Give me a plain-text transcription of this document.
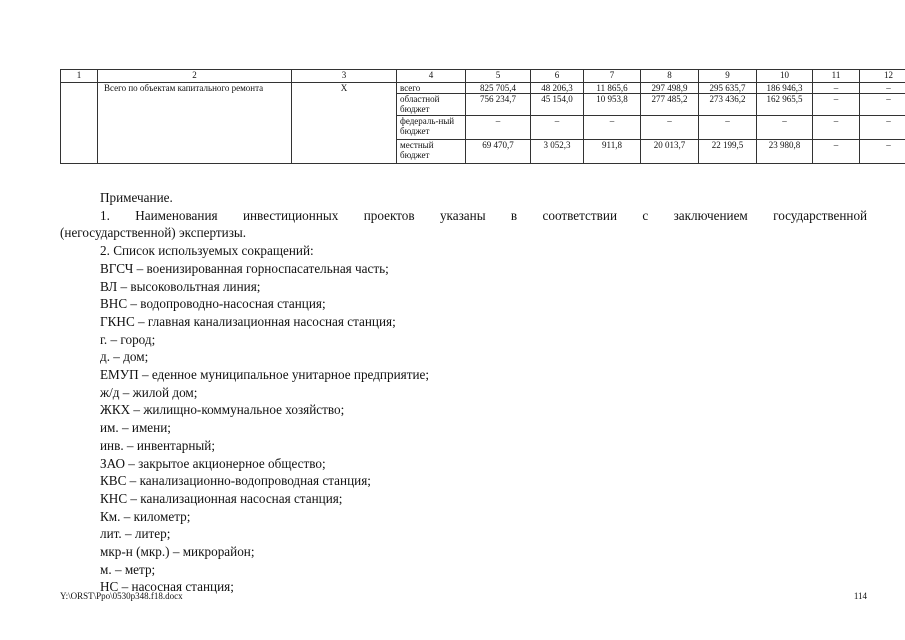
1	2	3	4	5	6	7	8	9	10	11	12
	Всего по объектам капитального ремонта	Х	всего	825 705,4	48 206,3	11 865,6	297 498,9	295 635,7	186 946,3	–	–
			областной бюджет	756 234,7	45 154,0	10 953,8	277 485,2	273 436,2	162 965,5	–	–
			федераль-ный бюджет	–	–	–	–	–	–	–	–
			местный бюджет	69 470,7	3 052,3	911,8	20 013,7	22 199,5	23 980,8	–	–

Примечание.

1. Наименования инвестиционных проектов указаны в соответствии с заключением государственной

(негосударственной) экспертизы.

2. Список используемых сокращений:

ВГСЧ – военизированная горноспасательная часть;

ВЛ – высоковольтная линия;

ВНС – водопроводно-насосная станция;

ГКНС – главная канализационная насосная станция;

г. – город;

д. – дом;

ЕМУП – еденное муниципальное унитарное предприятие;

ж/д – жилой дом;

ЖКХ – жилищно-коммунальное хозяйство;

им. – имени;

инв. – инвентарный;

ЗАО – закрытое акционерное общество;

КВС – канализационно-водопроводная станция;

КНС – канализационная насосная станция;

Км. – километр;

лит. – литер;

мкр-н (мкр.) – микрорайон;

м. – метр;

НС – насосная станция;

Y:\ORST\Ppo\0530p348.f18.docx	114
